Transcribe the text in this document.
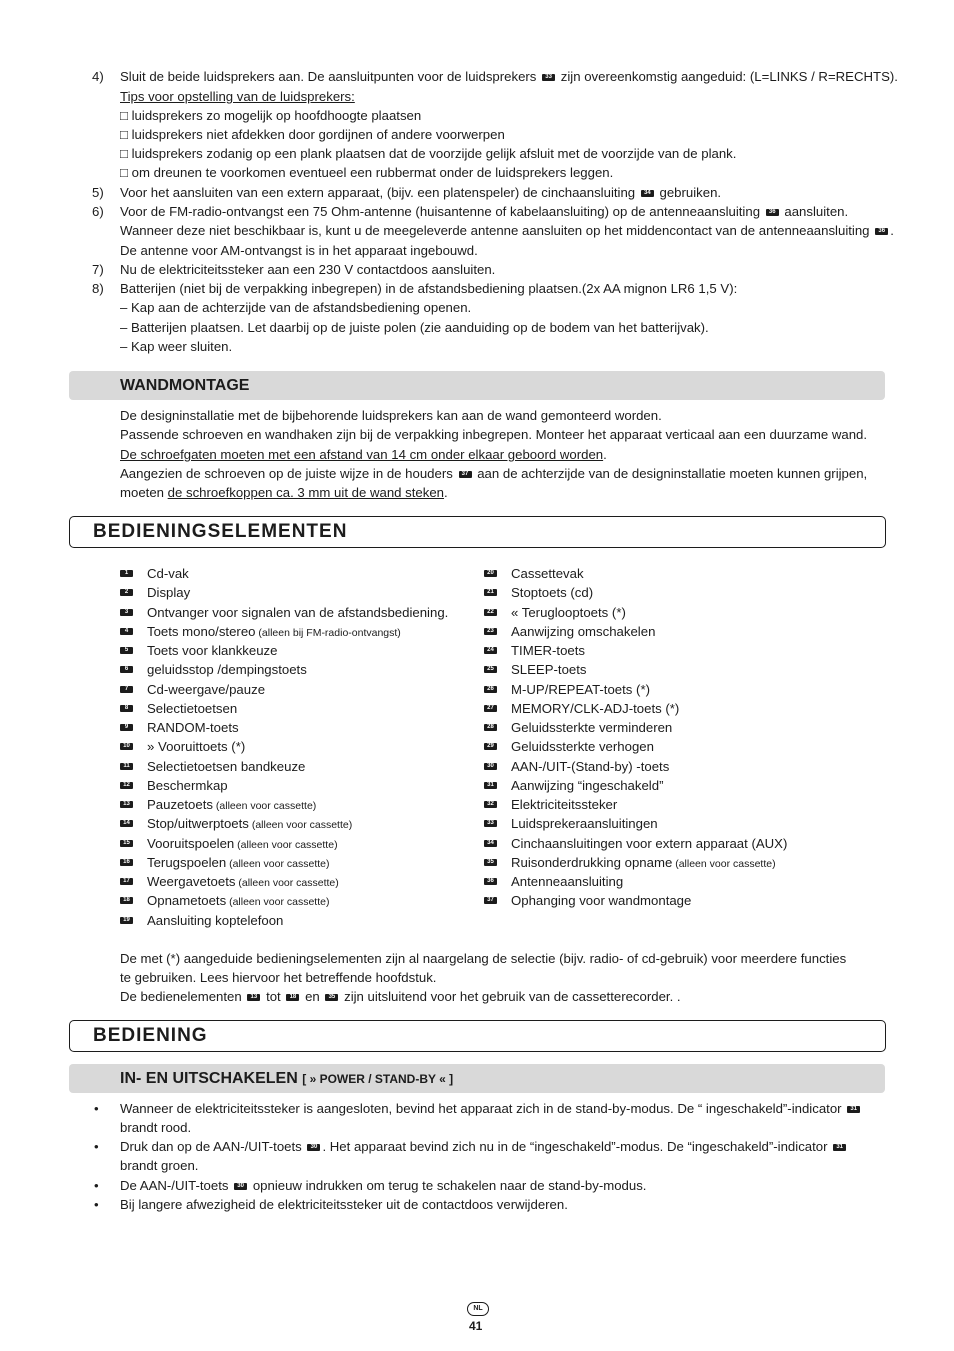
4) Sluit de beide luidsprekers aan. De aansluitpunten voor de luidsprekers 33 zijn overeenkomstig aangeduid: (L=LINKS / R=RECHTS).
Tips voor opstelling van de luidsprekers:
□ luidsprekers zo mogelijk op hoofdhoogte plaatsen
□ luidsprekers niet afdekken door gordijnen of andere voorwerpen
□ luidsprekers zodanig op een plank plaatsen dat de voorzijde gelijk afsluit met de voorzijde van de plank.
□ om dreunen te voorkomen eventueel een rubbermat onder de luidsprekers leggen.
5) Voor het aansluiten van een extern apparaat, (bijv. een platenspeler) de cinchaansluiting 34 gebruiken.
6) Voor de FM-radio-ontvangst een 75 Ohm-antenne (huisantenne of kabelaansluiting) op de antenneaansluiting 36 aansluiten.
Wanneer deze niet beschikbaar is, kunt u de meegeleverde antenne aansluiten op het middencontact van de antenneaansluiting 36 .
De antenne voor AM-ontvangst is in het apparaat ingebouwd.
7) Nu de elektriciteitssteker aan een 230 V contactdoos aansluiten.
8) Batterijen (niet bij de verpakking inbegrepen) in de afstandsbediening plaatsen.(2x AA mignon LR6 1,5 V):
– Kap aan de achterzijde van de afstandsbediening openen.
– Batterijen plaatsen. Let daarbij op de juiste polen (zie aanduiding op de bodem van het batterijvak).
– Kap weer sluiten.
WANDMONTAGE
De designinstallatie met de bijbehorende luidsprekers kan aan de wand gemonteerd worden.
Passende schroeven en wandhaken zijn bij de verpakking inbegrepen. Monteer het apparaat verticaal aan een duurzame wand.
De schroefgaten moeten met een afstand van 14 cm onder elkaar geboord worden.
Aangezien de schroeven op de juiste wijze in de houders 37 aan de achterzijde van de designinstallatie moeten kunnen grijpen,
moeten de schroefkoppen ca. 3 mm uit de wand steken.
BEDIENINGSELEMENTEN
1	Cd-vak
2	Display
3	Ontvanger voor signalen van de afstandsbediening.
4	Toets mono/stereo (alleen bij FM-radio-ontvangst)
5	Toets voor klankkeuze
6	geluidsstop /dempingstoets
7	Cd-weergave/pauze
8	Selectietoetsen
9	RANDOM-toets
10 » Vooruittoets (*)
11 Selectietoetsen bandkeuze
12 Beschermkap
13 Pauzetoets (alleen voor cassette)
14 Stop/uitwerptoets (alleen voor cassette)
15 Vooruitspoelen (alleen voor cassette)
16 Terugspoelen (alleen voor cassette)
17 Weergavetoets (alleen voor cassette)
18 Opnametoets (alleen voor cassette)
19 Aansluiting koptelefoon
20 Cassettevak
21 Stoptoets (cd)
22 « Teruglooptoets (*)
23 Aanwijzing omschakelen
24 TIMER-toets
25 SLEEP-toets
26 M-UP/REPEAT-toets (*)
27 MEMORY/CLK-ADJ-toets (*)
28 Geluidssterkte verminderen
29 Geluidssterkte verhogen
30 AAN-/UIT-(Stand-by) -toets
31 Aanwijzing “ingeschakeld”
32 Elektriciteitssteker
33 Luidsprekeraansluitingen
34 Cinchaansluitingen voor extern apparaat (AUX)
35 Ruisonderdrukking opname (alleen voor cassette)
36 Antenneaansluiting
37 Ophanging voor wandmontage
De met (*) aangeduide bedieningselementen zijn al naargelang de selectie (bijv. radio- of cd-gebruik) voor meerdere functies
te gebruiken. Lees hiervoor het betreffende hoofdstuk.
De bedienelementen 13 tot 18 en 35 zijn uitsluitend voor het gebruik van de cassetterecorder. .
BEDIENING
IN- EN UITSCHAKELEN [ » POWER / STAND-BY « ]
• Wanneer de elektriciteitssteker is aangesloten, bevind het apparaat zich in de stand-by-modus. De “ ingeschakeld”-indicator 31
brandt rood.
• Druk dan op de AAN-/UIT-toets 30 . Het apparaat bevind zich nu in de “ingeschakeld”-modus. De “ingeschakeld”-indicator 31
brandt groen.
• De AAN-/UIT-toets 30 opnieuw indrukken om terug te schakelen naar de stand-by-modus.
• Bij langere afwezigheid de elektriciteitssteker uit de contactdoos verwijderen.
NL
41
